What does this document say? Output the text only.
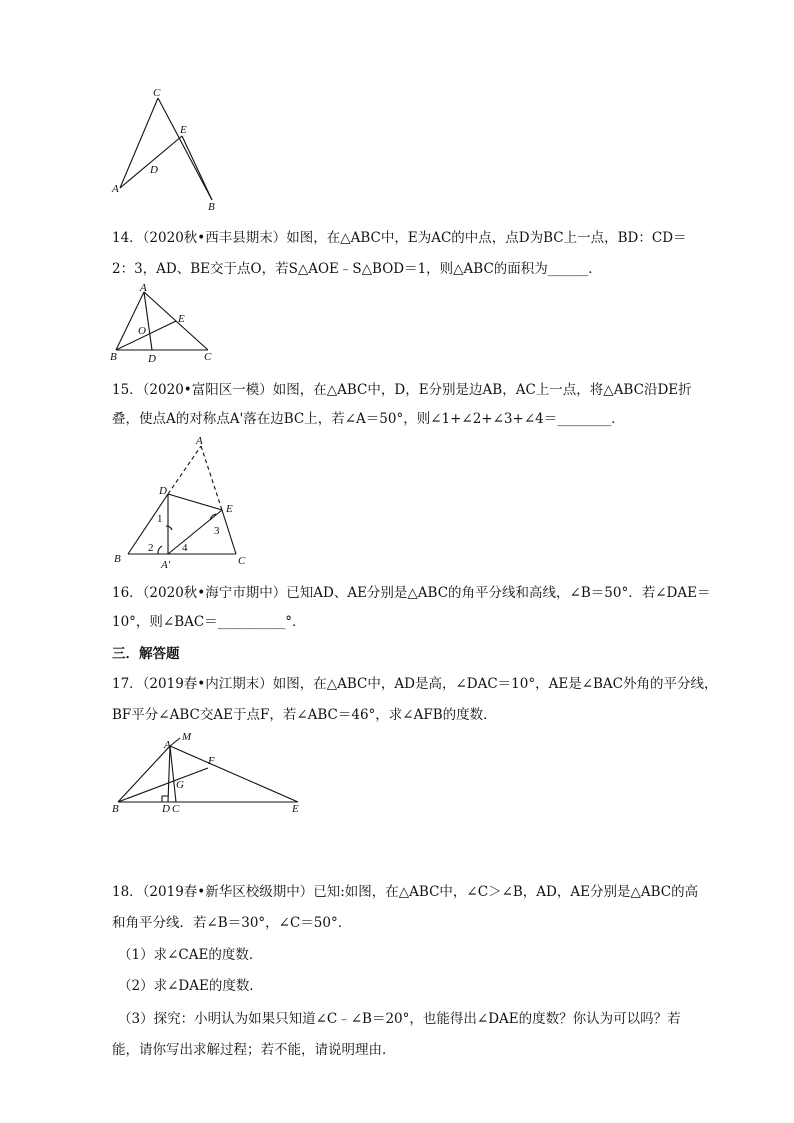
C
E
D
A
B
14．（2020秋•西丰县期末）如图，在△ABC中，E为AC的中点，点D为BC上一点，BD：CD＝
2：3，AD、BE交于点O，若S△AOE﹣S△BOD＝1，则△ABC的面积为______．
A
E
O
B	D	C
15．（2020•富阳区一模）如图，在△ABC中，D，E分别是边AB，AC上一点，将△ABC沿DE折
叠，使点A的对称点A'落在边BC上，若∠A＝50°，则∠1+∠2+∠3+∠4＝________．
A
D
E
1
3
2	4
B	A'	C
16．（2020秋•海宁市期中）已知AD、AE分别是△ABC的角平分线和高线，∠B＝50°．若∠DAE＝
10°，则∠BAC＝__________°．
三．解答题
17．（2019春•内江期末）如图，在△ABC中，AD是高，∠DAC＝10°，AE是∠BAC外角的平分线，
BF平分∠ABC交AE于点F，若∠ABC＝46°，求∠AFB的度数．
A
M
F
G
B	D C	E
18．（2019春•新华区校级期中）已知:如图，在△ABC中，∠C＞∠B，AD，AE分别是△ABC的高
和角平分线．若∠B＝30°，∠C＝50°．
（1）求∠CAE的度数．
（2）求∠DAE的度数．
（3）探究：小明认为如果只知道∠C﹣∠B＝20°，也能得出∠DAE的度数？你认为可以吗？若
能，请你写出求解过程；若不能，请说明理由．
